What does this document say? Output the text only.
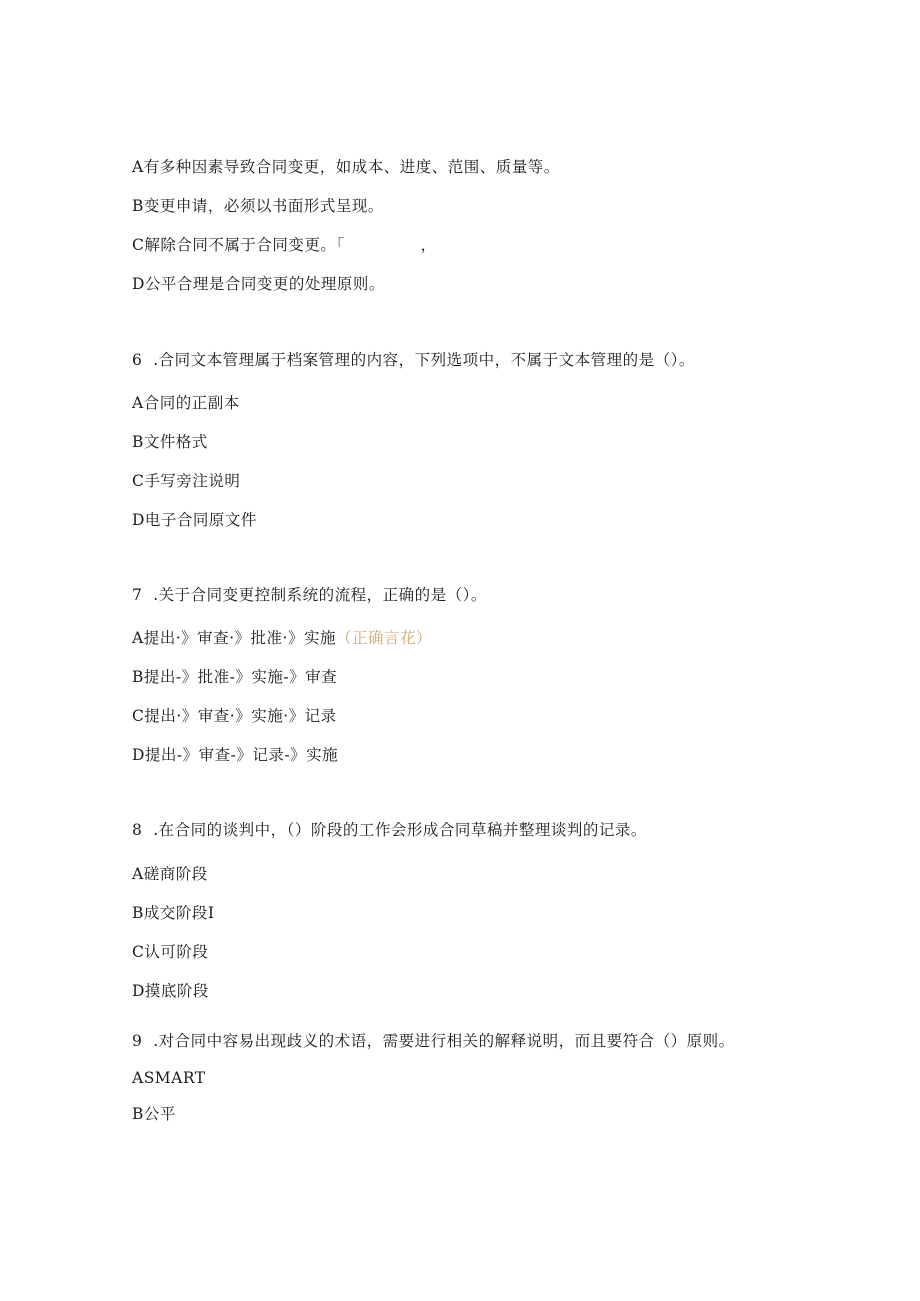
A有多种因素导致合同变更，如成本、进度、范围、质量等。
B变更申请，必须以书面形式呈现。
C解除合同不属于合同变更。「	，
D公平合理是合同变更的处理原则。
6  .合同文本管理属于档案管理的内容，下列选项中，不属于文本管理的是（）。
A合同的正副本
B文件格式
C手写旁注说明
D电子合同原文件
7  .关于合同变更控制系统的流程，正确的是（）。
A提出·》审查·》批准·》实施（正确言花）
B提出-》批准-》实施-》审查
C提出·》审查·》实施·》记录
D提出-》审查-》记录-》实施
8  .在合同的谈判中，（）阶段的工作会形成合同草稿并整理谈判的记录。
A磋商阶段
B成交阶段I
C认可阶段
D摸底阶段
9  .对合同中容易出现歧义的术语，需要进行相关的解释说明，而且要符合（）原则。
ASMART
B公平
